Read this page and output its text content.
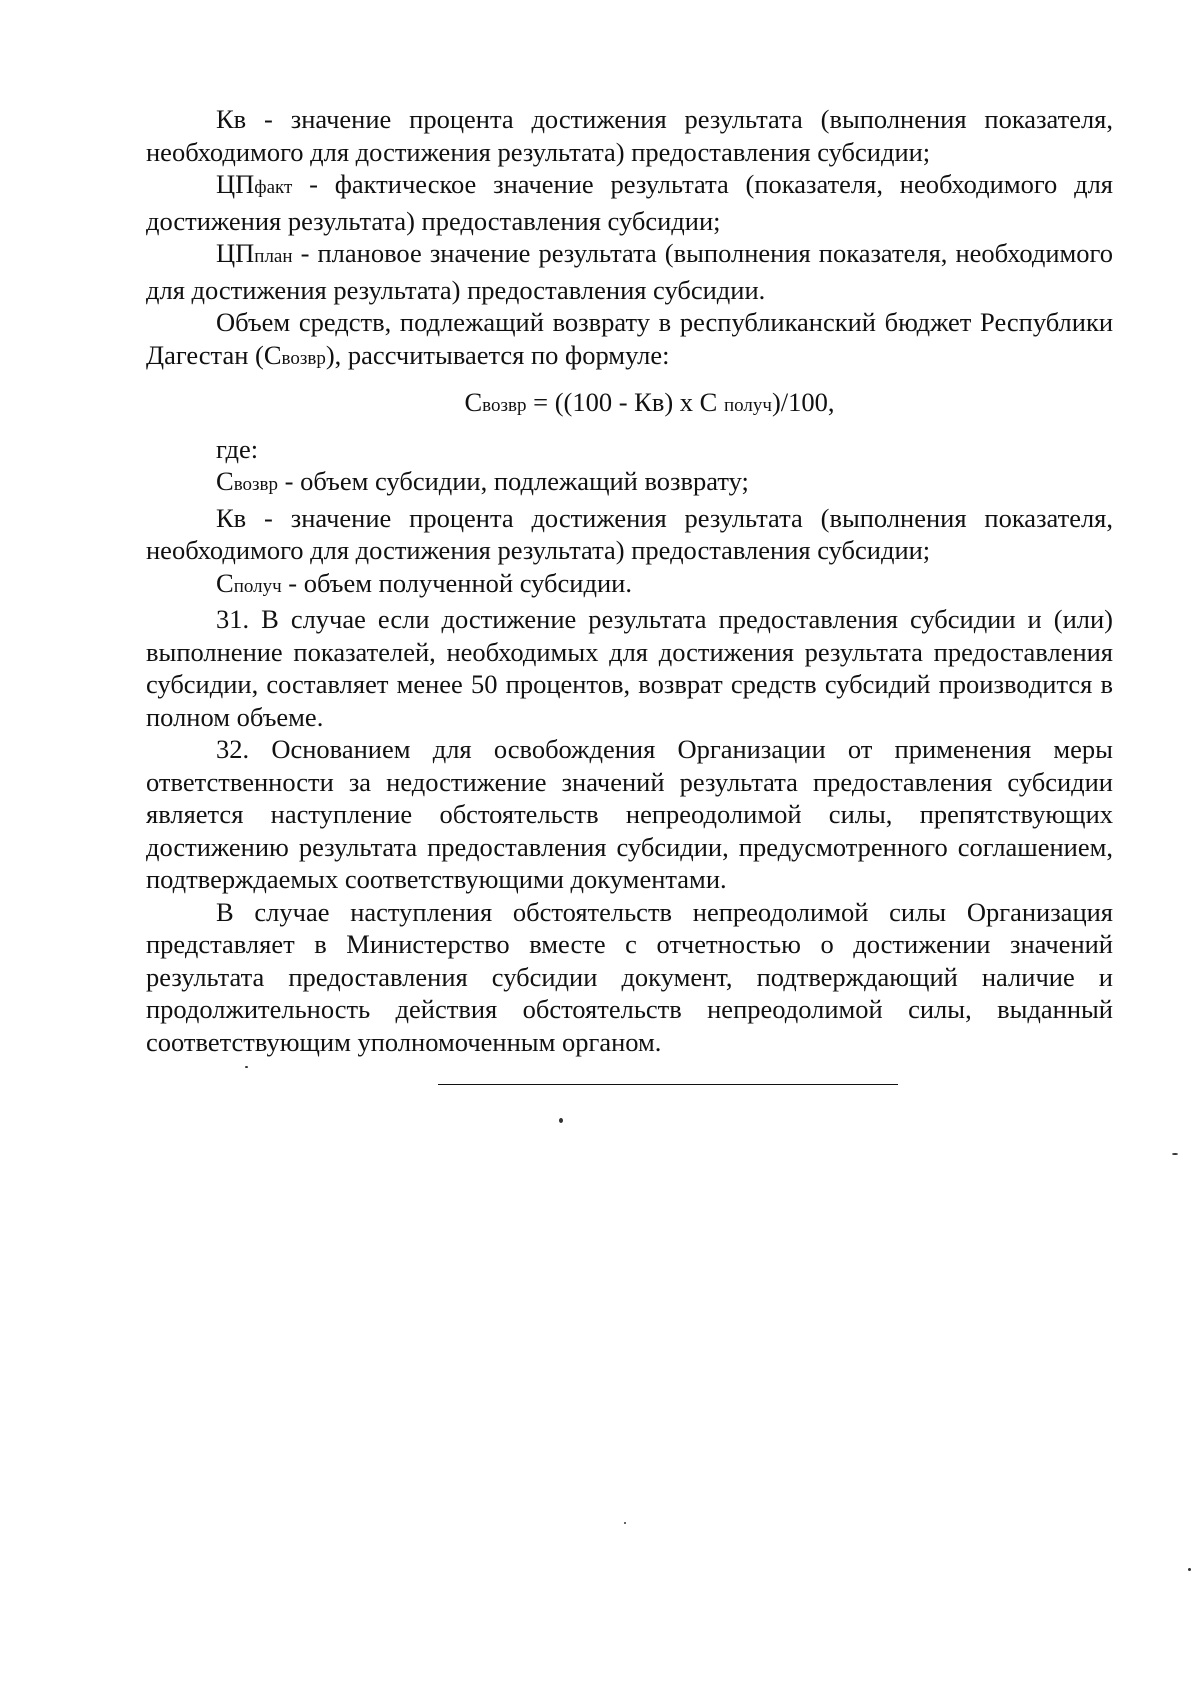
Кв - значение процента достижения результата (выполнения показателя, необходимого для достижения результата) предоставления субсидии;

ЦПфакт - фактическое значение результата (показателя, необходимого для достижения результата) предоставления субсидии;

ЦПплан - плановое значение результата (выполнения показателя, необходимого для достижения результата) предоставления субсидии.

Объем средств, подлежащий возврату в республиканский бюджет Республики Дагестан (Свозвр), рассчитывается по формуле:

Свозвр = ((100 - Кв) х С получ)/100,

где:

Свозвр - объем субсидии, подлежащий возврату;

Кв - значение процента достижения результата (выполнения показателя, необходимого для достижения результата) предоставления субсидии;

Сполуч - объем полученной субсидии.

31. В случае если достижение результата предоставления субсидии и (или) выполнение показателей, необходимых для достижения результата предоставления субсидии, составляет менее 50 процентов, возврат средств субсидий производится в полном объеме.

32. Основанием для освобождения Организации от применения меры ответственности за недостижение значений результата предоставления субсидии является наступление обстоятельств непреодолимой силы, препятствующих достижению результата предоставления субсидии, предусмотренного соглашением, подтверждаемых соответствующими документами.

В случае наступления обстоятельств непреодолимой силы Организация представляет в Министерство вместе с отчетностью о достижении значений результата предоставления субсидии документ, подтверждающий наличие и продолжительность действия обстоятельств непреодолимой силы, выданный соответствующим уполномоченным органом.
